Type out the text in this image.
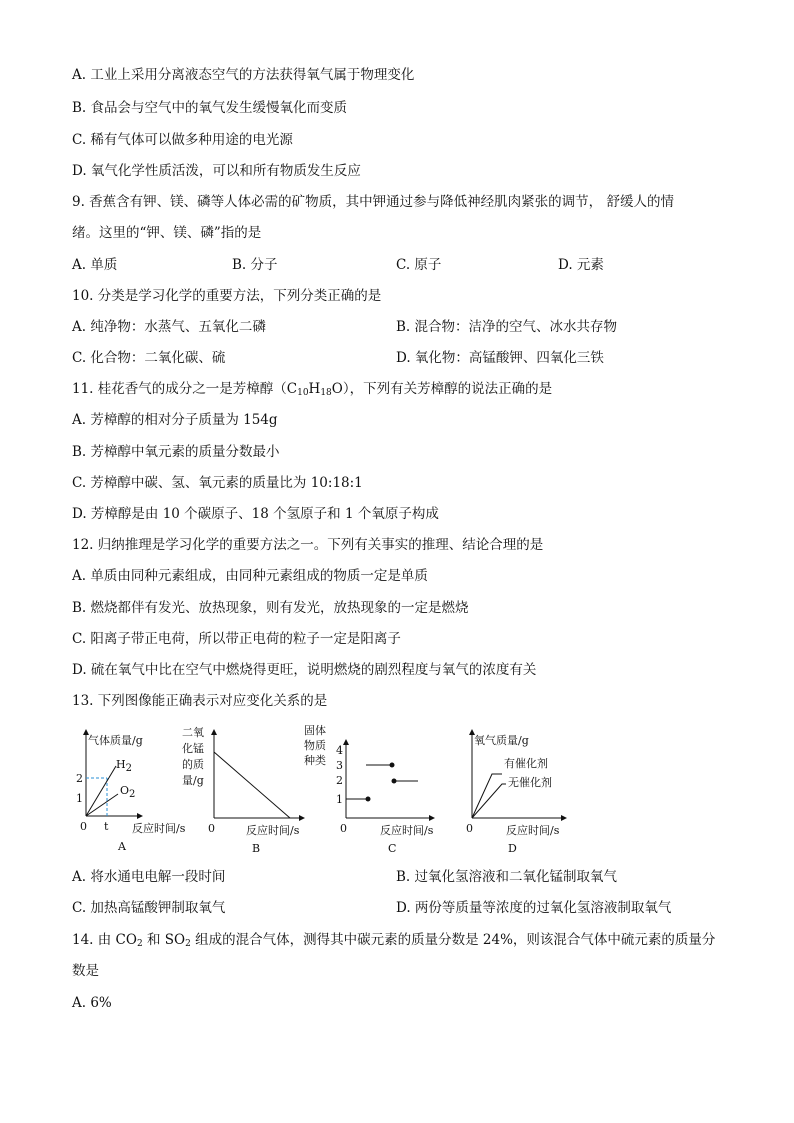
A. 工业上采用分离液态空气的方法获得氧气属于物理变化
B. 食品会与空气中的氧气发生缓慢氧化而变质
C. 稀有气体可以做多种用途的电光源
D. 氧气化学性质活泼，可以和所有物质发生反应
9. 香蕉含有钾、镁、磷等人体必需的矿物质，其中钾通过参与降低神经肌肉紧张的调节， 舒缓人的情
绪。这里的“钾、镁、磷”指的是
A. 单质	B. 分子	C. 原子	D. 元素
10. 分类是学习化学的重要方法，下列分类正确的是
A. 纯净物：水蒸气、五氧化二磷	B. 混合物：洁净的空气、冰水共存物
C. 化合物：二氧化碳、硫	D. 氧化物：高锰酸钾、四氧化三铁
11. 桂花香气的成分之一是芳樟醇$(C_{10}H_{18}O)$，下列有关芳樟醇的说法正确的是
A. 芳樟醇的相对分子质量为 154g
B. 芳樟醇中氧元素的质量分数最小
C. 芳樟醇中碳、氢、氧元素的质量比为 10:18:1
D. 芳樟醇是由 10 个碳原子、18 个氢原子和 1 个氧原子构成
12. 归纳推理是学习化学的重要方法之一。下列有关事实的推理、结论合理的是
A. 单质由同种元素组成，由同种元素组成的物质一定是单质
B. 燃烧都伴有发光、放热现象，则有发光，放热现象的一定是燃烧
C. 阳离子带正电荷，所以带正电荷的粒子一定是阳离子
D. 硫在氧气中比在空气中燃烧得更旺，说明燃烧的剧烈程度与氧气的浓度有关
13. 下列图像能正确表示对应变化关系的是
气体质量/g
2
1
0 t
H2
O2
反应时间/s
A
二氧
化锰
的质
量/g
0	反应时间/s
B
固体
物质
种类
4
3
2
1
0	反应时间/s
C
氧气质量/g
有催化剂
无催化剂
0	反应时间/s
D
A. 将水通电电解一段时间	B. 过氧化氢溶液和二氧化锰制取氧气
C. 加热高锰酸钾制取氧气	D. 两份等质量等浓度的过氧化氢溶液制取氧气
14. 由 $CO_2$ 和 $SO_2$ 组成的混合气体，测得其中碳元素的质量分数是 24%，则该混合气体中硫元素的质量分
数是
A. 6%
